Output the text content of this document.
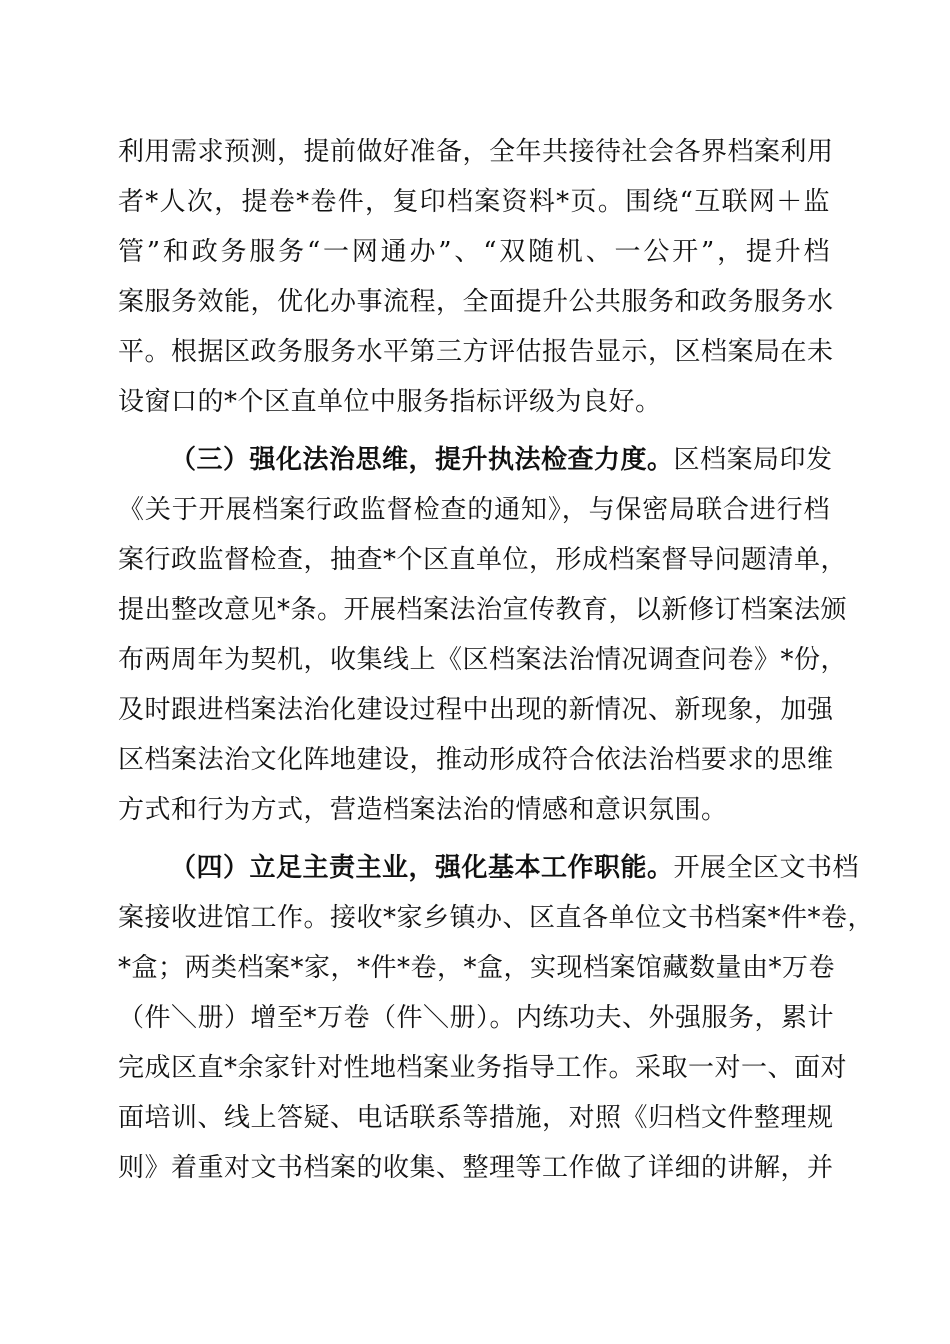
利用需求预测，提前做好准备，全年共接待社会各界档案利用
者*人次，提卷*卷件，复印档案资料*页。围绕“互联网＋监
管”和政务服务“一网通办”、“双随机、一公开”，提升档
案服务效能，优化办事流程，全面提升公共服务和政务服务水
平。根据区政务服务水平第三方评估报告显示，区档案局在未
设窗口的*个区直单位中服务指标评级为良好。
（三）强化法治思维，提升执法检查力度。区档案局印发
《关于开展档案行政监督检查的通知》，与保密局联合进行档
案行政监督检查，抽查*个区直单位，形成档案督导问题清单，
提出整改意见*条。开展档案法治宣传教育，以新修订档案法颁
布两周年为契机，收集线上《区档案法治情况调查问卷》*份，
及时跟进档案法治化建设过程中出现的新情况、新现象，加强
区档案法治文化阵地建设，推动形成符合依法治档要求的思维
方式和行为方式，营造档案法治的情感和意识氛围。
（四）立足主责主业，强化基本工作职能。开展全区文书档
案接收进馆工作。接收*家乡镇办、区直各单位文书档案*件*卷，
*盒；两类档案*家，*件*卷，*盒，实现档案馆藏数量由*万卷
（件＼册）增至*万卷（件＼册）。内练功夫、外强服务，累计
完成区直*余家针对性地档案业务指导工作。采取一对一、面对
面培训、线上答疑、电话联系等措施，对照《归档文件整理规
则》着重对文书档案的收集、整理等工作做了详细的讲解，并
